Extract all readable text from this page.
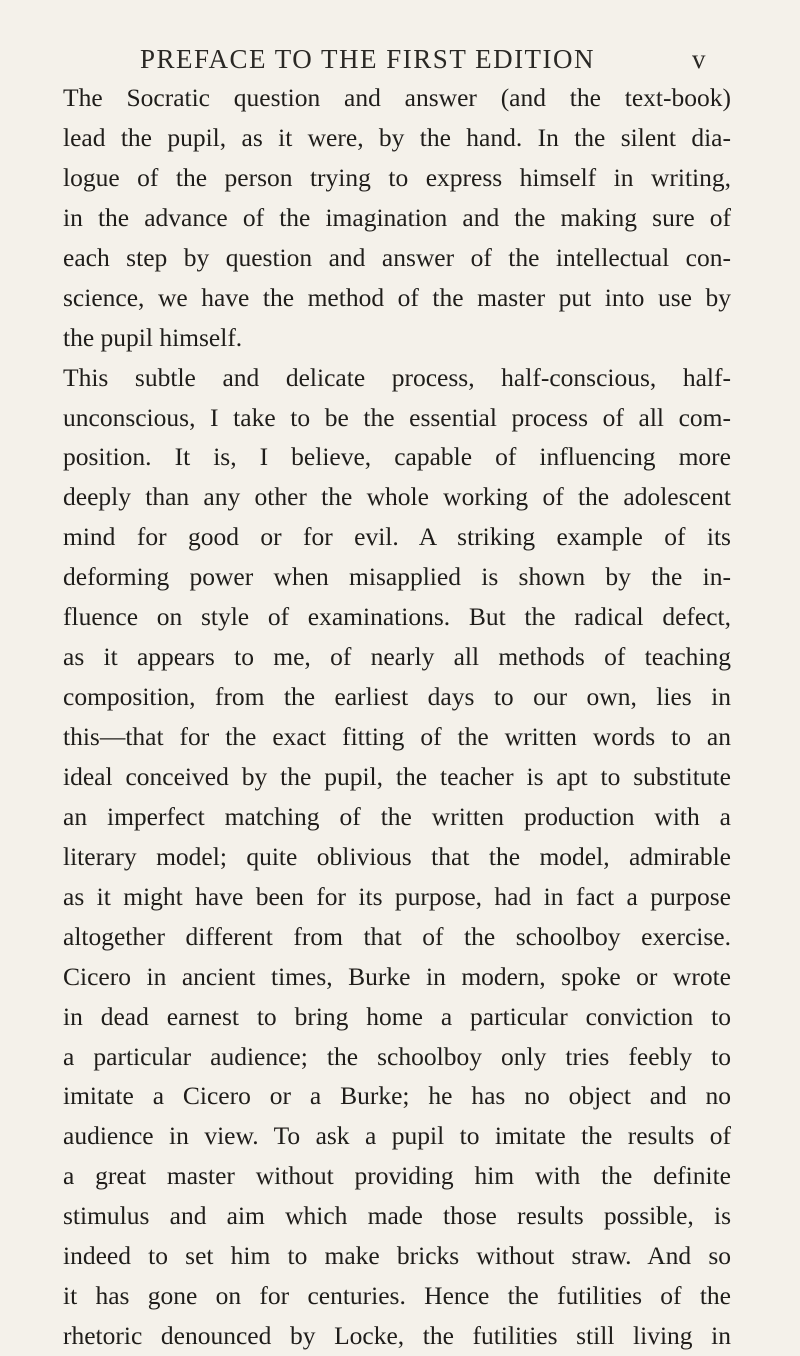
PREFACE TO THE FIRST EDITION	v
The Socratic question and answer (and the text-book)
lead the pupil, as it were, by the hand. In the silent dia-
logue of the person trying to express himself in writing,
in the advance of the imagination and the making sure of
each step by question and answer of the intellectual con-
science, we have the method of the master put into use by
the pupil himself.
This subtle and delicate process, half-conscious, half-
unconscious, I take to be the essential process of all com-
position. It is, I believe, capable of influencing more
deeply than any other the whole working of the adolescent
mind for good or for evil. A striking example of its
deforming power when misapplied is shown by the in-
fluence on style of examinations. But the radical defect,
as it appears to me, of nearly all methods of teaching
composition, from the earliest days to our own, lies in
this—that for the exact fitting of the written words to an
ideal conceived by the pupil, the teacher is apt to substitute
an imperfect matching of the written production with a
literary model; quite oblivious that the model, admirable
as it might have been for its purpose, had in fact a purpose
altogether different from that of the schoolboy exercise.
Cicero in ancient times, Burke in modern, spoke or wrote
in dead earnest to bring home a particular conviction to
a particular audience; the schoolboy only tries feebly to
imitate a Cicero or a Burke; he has no object and no
audience in view. To ask a pupil to imitate the results of
a great master without providing him with the definite
stimulus and aim which made those results possible, is
indeed to set him to make bricks without straw. And so
it has gone on for centuries. Hence the futilities of the
rhetoric denounced by Locke, the futilities still living in
